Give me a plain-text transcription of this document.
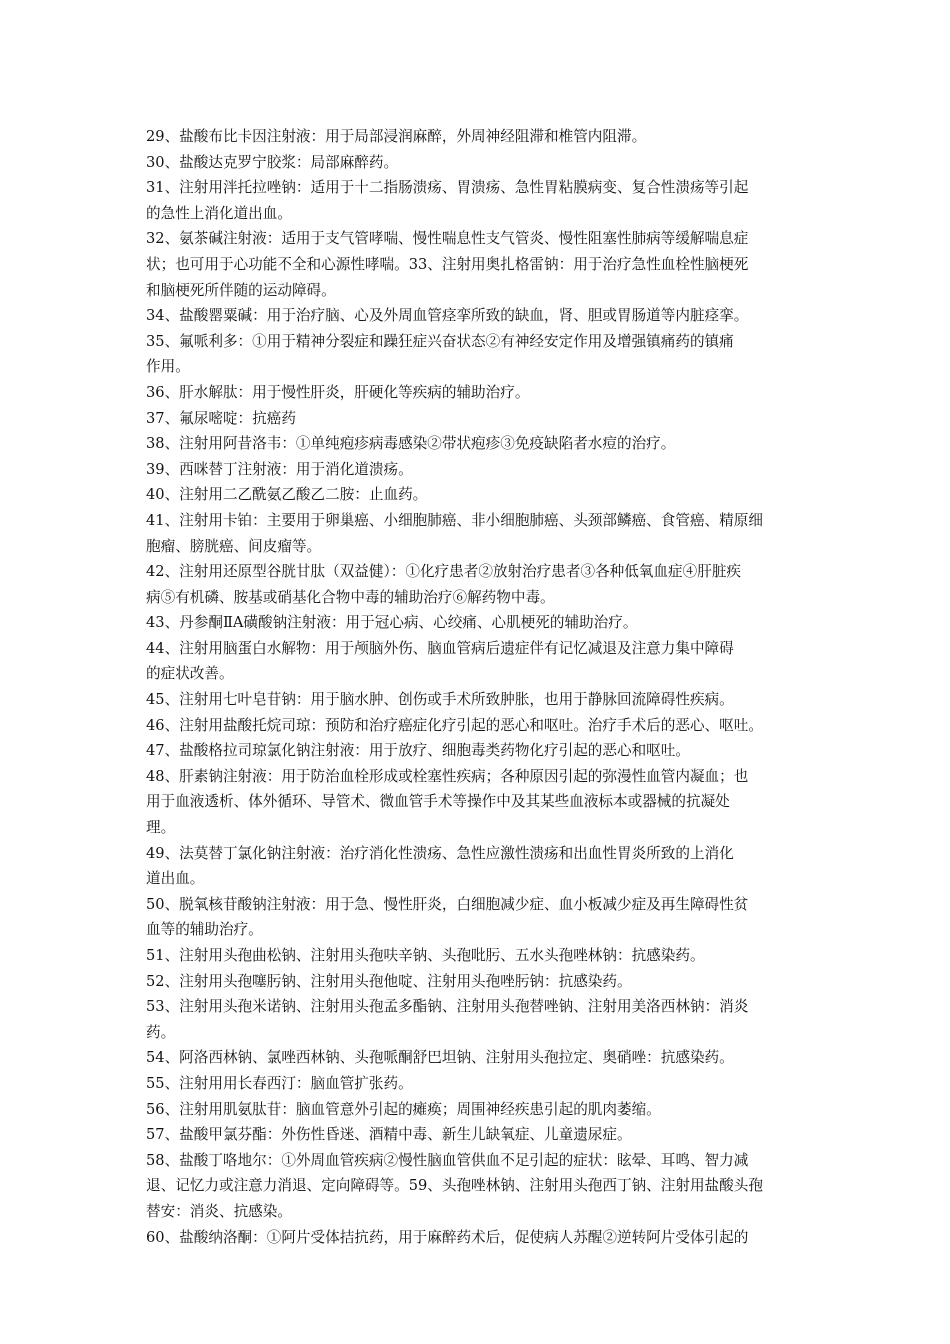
29、盐酸布比卡因注射液：用于局部浸润麻醉，外周神经阻滞和椎管内阻滞。
30、盐酸达克罗宁胶浆：局部麻醉药。
31、注射用泮托拉唑钠：适用于十二指肠溃疡、胃溃疡、急性胃粘膜病变、复合性溃疡等引起
的急性上消化道出血。
32、氨茶碱注射液：适用于支气管哮喘、慢性喘息性支气管炎、慢性阻塞性肺病等缓解喘息症
状；也可用于心功能不全和心源性哮喘。33、注射用奥扎格雷钠：用于治疗急性血栓性脑梗死
和脑梗死所伴随的运动障碍。
34、盐酸罂粟碱：用于治疗脑、心及外周血管痉挛所致的缺血，肾、胆或胃肠道等内脏痉挛。
35、氟哌利多：①用于精神分裂症和躁狂症兴奋状态②有神经安定作用及增强镇痛药的镇痛
作用。
36、肝水解肽：用于慢性肝炎，肝硬化等疾病的辅助治疗。
37、氟尿嘧啶：抗癌药
38、注射用阿昔洛韦：①单纯疱疹病毒感染②带状疱疹③免疫缺陷者水痘的治疗。
39、西咪替丁注射液：用于消化道溃疡。
40、注射用二乙酰氨乙酸乙二胺：止血药。
41、注射用卡铂：主要用于卵巢癌、小细胞肺癌、非小细胞肺癌、头颈部鳞癌、食管癌、精原细
胞瘤、膀胱癌、间皮瘤等。
42、注射用还原型谷胱甘肽（双益健）：①化疗患者②放射治疗患者③各种低氧血症④肝脏疾
病⑤有机磷、胺基或硝基化合物中毒的辅助治疗⑥解药物中毒。
43、丹参酮ⅡA磺酸钠注射液：用于冠心病、心绞痛、心肌梗死的辅助治疗。
44、注射用脑蛋白水解物：用于颅脑外伤、脑血管病后遗症伴有记忆减退及注意力集中障碍
的症状改善。
45、注射用七叶皂苷钠：用于脑水肿、创伤或手术所致肿胀，也用于静脉回流障碍性疾病。
46、注射用盐酸托烷司琼：预防和治疗癌症化疗引起的恶心和呕吐。治疗手术后的恶心、呕吐。
47、盐酸格拉司琼氯化钠注射液：用于放疗、细胞毒类药物化疗引起的恶心和呕吐。
48、肝素钠注射液：用于防治血栓形成或栓塞性疾病；各种原因引起的弥漫性血管内凝血；也
用于血液透析、体外循环、导管术、微血管手术等操作中及其某些血液标本或器械的抗凝处
理。
49、法莫替丁氯化钠注射液：治疗消化性溃疡、急性应激性溃疡和出血性胃炎所致的上消化
道出血。
50、脱氧核苷酸钠注射液：用于急、慢性肝炎，白细胞减少症、血小板减少症及再生障碍性贫
血等的辅助治疗。
51、注射用头孢曲松钠、注射用头孢呋辛钠、头孢吡肟、五水头孢唑林钠：抗感染药。
52、注射用头孢噻肟钠、注射用头孢他啶、注射用头孢唑肟钠：抗感染药。
53、注射用头孢米诺钠、注射用头孢孟多酯钠、注射用头孢替唑钠、注射用美洛西林钠：消炎
药。
54、阿洛西林钠、氯唑西林钠、头孢哌酮舒巴坦钠、注射用头孢拉定、奥硝唑：抗感染药。
55、注射用用长春西汀：脑血管扩张药。
56、注射用肌氨肽苷：脑血管意外引起的瘫痪；周围神经疾患引起的肌肉萎缩。
57、盐酸甲氯芬酯：外伤性昏迷、酒精中毒、新生儿缺氧症、儿童遗尿症。
58、盐酸丁咯地尔：①外周血管疾病②慢性脑血管供血不足引起的症状：眩晕、耳鸣、智力减
退、记忆力或注意力消退、定向障碍等。59、头孢唑林钠、注射用头孢西丁钠、注射用盐酸头孢
替安：消炎、抗感染。
60、盐酸纳洛酮：①阿片受体拮抗药，用于麻醉药术后，促使病人苏醒②逆转阿片受体引起的
